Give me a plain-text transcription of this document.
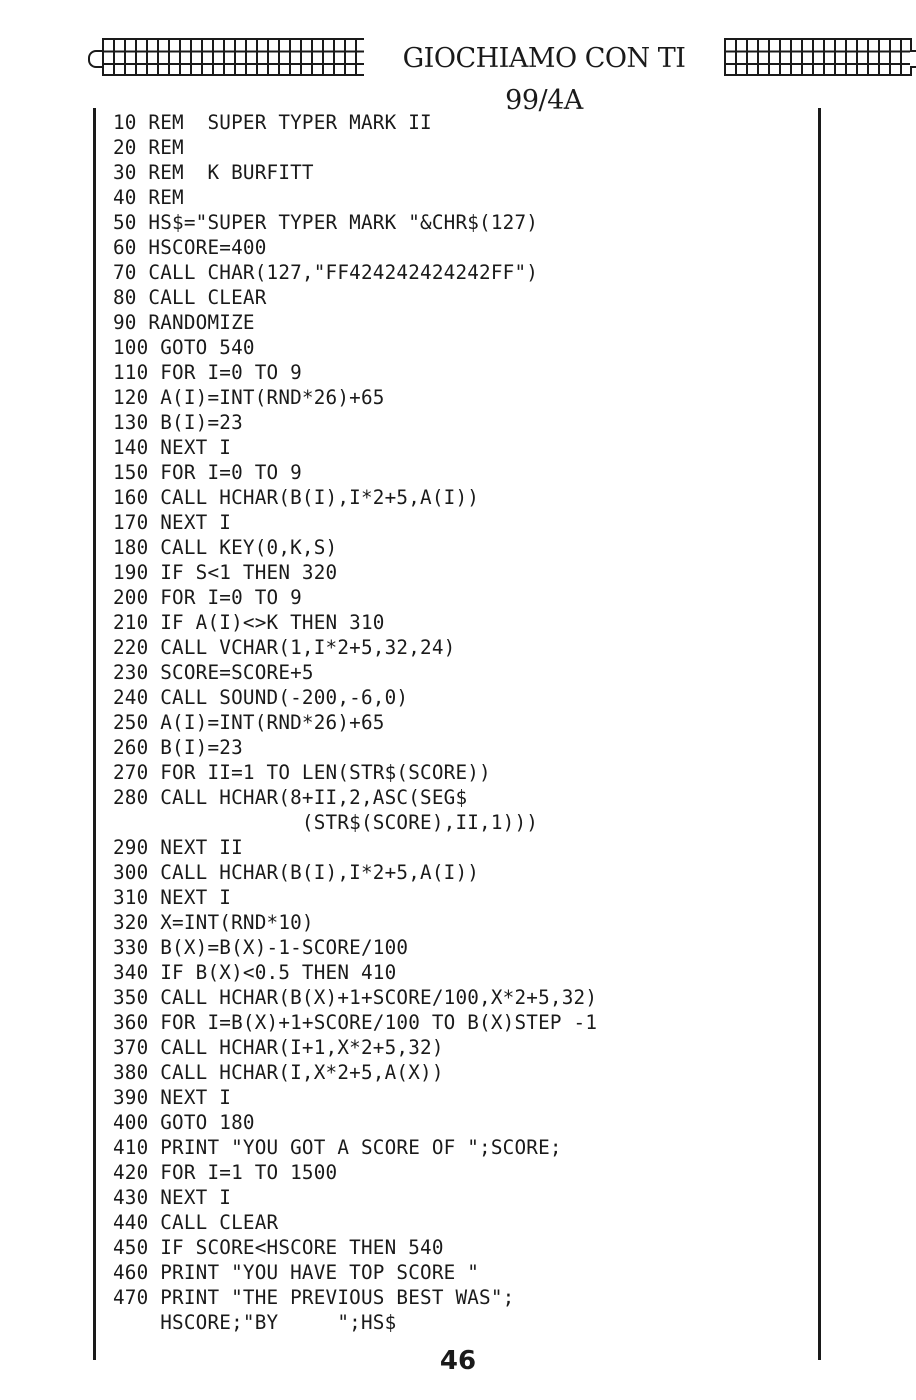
GIOCHIAMO CON TI 99/4A
10 REM  SUPER TYPER MARK II
20 REM
30 REM  K BURFITT
40 REM
50 HS$="SUPER TYPER MARK "&CHR$(127)
60 HSCORE=400
70 CALL CHAR(127,"FF424242424242FF")
80 CALL CLEAR
90 RANDOMIZE
100 GOTO 540
110 FOR I=0 TO 9
120 A(I)=INT(RND*26)+65
130 B(I)=23
140 NEXT I
150 FOR I=0 TO 9
160 CALL HCHAR(B(I),I*2+5,A(I))
170 NEXT I
180 CALL KEY(0,K,S)
190 IF S<1 THEN 320
200 FOR I=0 TO 9
210 IF A(I)<>K THEN 310
220 CALL VCHAR(1,I*2+5,32,24)
230 SCORE=SCORE+5
240 CALL SOUND(-200,-6,0)
250 A(I)=INT(RND*26)+65
260 B(I)=23
270 FOR II=1 TO LEN(STR$(SCORE))
280 CALL HCHAR(8+II,2,ASC(SEG$
(STR$(SCORE),II,1)))
290 NEXT II
300 CALL HCHAR(B(I),I*2+5,A(I))
310 NEXT I
320 X=INT(RND*10)
330 B(X)=B(X)-1-SCORE/100
340 IF B(X)<0.5 THEN 410
350 CALL HCHAR(B(X)+1+SCORE/100,X*2+5,32)
360 FOR I=B(X)+1+SCORE/100 TO B(X)STEP -1
370 CALL HCHAR(I+1,X*2+5,32)
380 CALL HCHAR(I,X*2+5,A(X))
390 NEXT I
400 GOTO 180
410 PRINT "YOU GOT A SCORE OF ";SCORE;
420 FOR I=1 TO 1500
430 NEXT I
440 CALL CLEAR
450 IF SCORE<HSCORE THEN 540
460 PRINT "YOU HAVE TOP SCORE "
470 PRINT "THE PREVIOUS BEST WAS";
HSCORE;"BY     ";HS$
46
